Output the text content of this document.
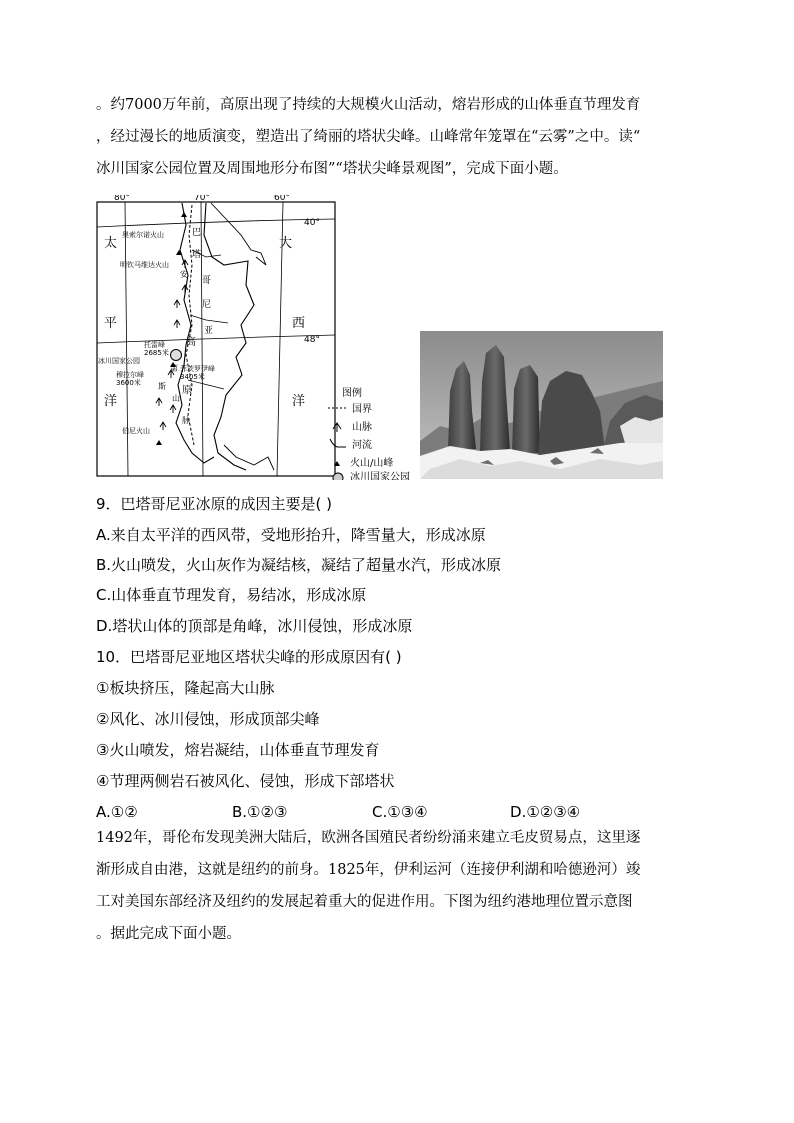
。约7000万年前，高原出现了持续的大规模火山活动，熔岩形成的山体垂直节理发育
，经过漫长的地质演变，塑造出了绮丽的塔状尖峰。山峰常年笼罩在“云雾”之中。读“
冰川国家公园位置及周围地形分布图”“塔状尖峰景观图”，完成下面小题。
80°	70°	60°
40°
48°
太
平
洋
大
西
洋
巴
塔
哥
尼
亚
高
原
安
第
斯
山
脉
奥索尔诺火山
明钦马维达火山
托雷峰 2685米
冰川国家公园
菲茨罗伊峰 3405米
穆拉尔峰 3600米
伯尼火山
图例
国界
山脉
河流
火山/山峰
冰川国家公园
9．巴塔哥尼亚冰原的成因主要是( )
A.来自太平洋的西风带，受地形抬升，降雪量大，形成冰原
B.火山喷发，火山灰作为凝结核，凝结了超量水汽，形成冰原
C.山体垂直节理发育，易结冰，形成冰原
D.塔状山体的顶部是角峰，冰川侵蚀，形成冰原
10．巴塔哥尼亚地区塔状尖峰的形成原因有( )
①板块挤压，隆起高大山脉
②风化、冰川侵蚀，形成顶部尖峰
③火山喷发，熔岩凝结，山体垂直节理发育
④节理两侧岩石被风化、侵蚀，形成下部塔状
A.①②	B.①②③	C.①③④	D.①②③④
1492年，哥伦布发现美洲大陆后，欧洲各国殖民者纷纷涌来建立毛皮贸易点，这里逐
渐形成自由港，这就是纽约的前身。1825年，伊利运河（连接伊利湖和哈德逊河）竣
工对美国东部经济及纽约的发展起着重大的促进作用。下图为纽约港地理位置示意图
。据此完成下面小题。
